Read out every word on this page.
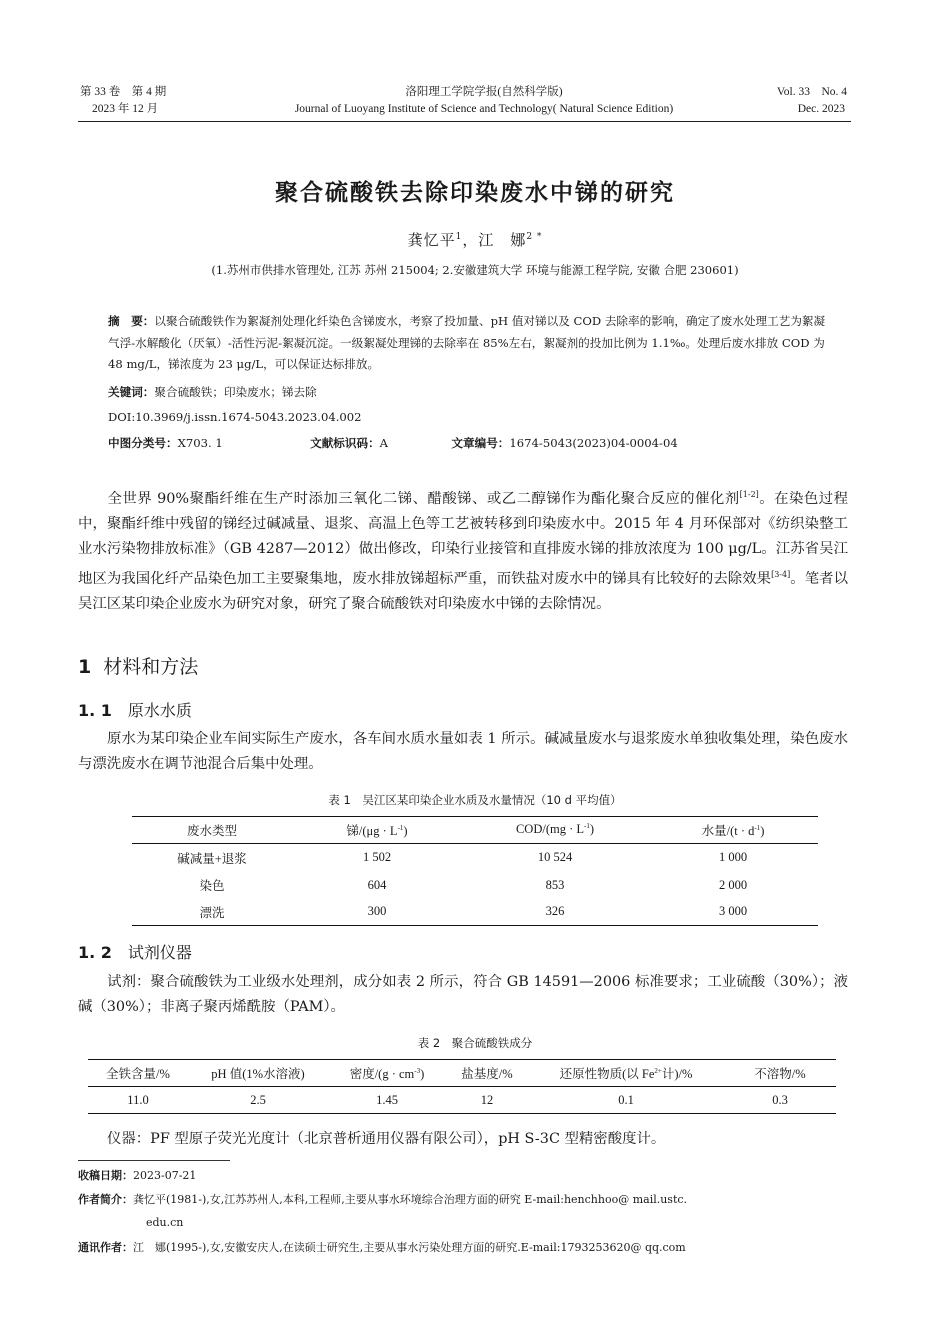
第 33 卷　第 4 期
2023 年 12 月
洛阳理工学院学报(自然科学版)
Journal of Luoyang Institute of Science and Technology( Natural Science Edition)
Vol. 33　No. 4
Dec. 2023
聚合硫酸铁去除印染废水中锑的研究
龚忆平$^1$，江　娜$^{2 *}$
(1.苏州市供排水管理处, 江苏 苏州 215004; 2.安徽建筑大学 环境与能源工程学院, 安徽 合肥 230601)
摘　要：以聚合硫酸铁作为絮凝剂处理化纤染色含锑废水，考察了投加量、pH 值对锑以及 COD 去除率的影响，确定了废水处理工艺为絮凝气浮-水解酸化（厌氧）-活性污泥-絮凝沉淀。一级絮凝处理锑的去除率在 85%左右，絮凝剂的投加比例为 1.1‰。处理后废水排放 COD 为 48 mg/L，锑浓度为 23 μg/L，可以保证达标排放。
关键词：聚合硫酸铁；印染废水；锑去除
DOI:10.3969/j.issn.1674-5043.2023.04.002
中图分类号：X703. 1	文献标识码：A	文章编号：1674-5043(2023)04-0004-04
全世界 90%聚酯纤维在生产时添加三氧化二锑、醋酸锑、或乙二醇锑作为酯化聚合反应的催化剂[1-2]。在染色过程中，聚酯纤维中残留的锑经过碱减量、退浆、高温上色等工艺被转移到印染废水中。2015 年 4 月环保部对《纺织染整工业水污染物排放标准》（GB 4287—2012）做出修改，印染行业接管和直排废水锑的排放浓度为 100 μg/L。江苏省吴江地区为我国化纤产品染色加工主要聚集地，废水排放锑超标严重，而铁盐对废水中的锑具有比较好的去除效果[3-4]。笔者以吴江区某印染企业废水为研究对象，研究了聚合硫酸铁对印染废水中锑的去除情况。
1 材料和方法
1. 1 原水水质
原水为某印染企业车间实际生产废水，各车间水质水量如表 1 所示。碱减量废水与退浆废水单独收集处理，染色废水与漂洗废水在调节池混合后集中处理。
表 1　吴江区某印染企业水质及水量情况（10 d 平均值）
废水类型	锑$/(\mu g \cdot L^{-1})$	$COD/(mg \cdot L^{-1})$	水量$/(t \cdot d^{-1})$
碱减量+退浆	1 502	10 524	1 000
染色	604	853	2 000
漂洗	300	326	3 000
1. 2 试剂仪器
试剂：聚合硫酸铁为工业级水处理剂，成分如表 2 所示，符合 GB 14591—2006 标准要求；工业硫酸（30%）；液碱（30%）；非离子聚丙烯酰胺（PAM）。
表 2　聚合硫酸铁成分
全铁含量/%	pH 值(1%水溶液)	密度$/(g \cdot cm^{-3})$	盐基度/%	还原性物质(以 $Fe^{2+}$计)/%	不溶物/%
11.0	2.5	1.45	12	0.1	0.3
仪器：PF 型原子荧光光度计（北京普析通用仪器有限公司），pH S-3C 型精密酸度计。
收稿日期：2023-07-21
作者简介：龚忆平(1981-),女,江苏苏州人,本科,工程师,主要从事水环境综合治理方面的研究 E-mail:henchhoo@ mail.ustc.
edu.cn
通讯作者：江　娜(1995-),女,安徽安庆人,在读硕士研究生,主要从事水污染处理方面的研究.E-mail:1793253620@ qq.com
